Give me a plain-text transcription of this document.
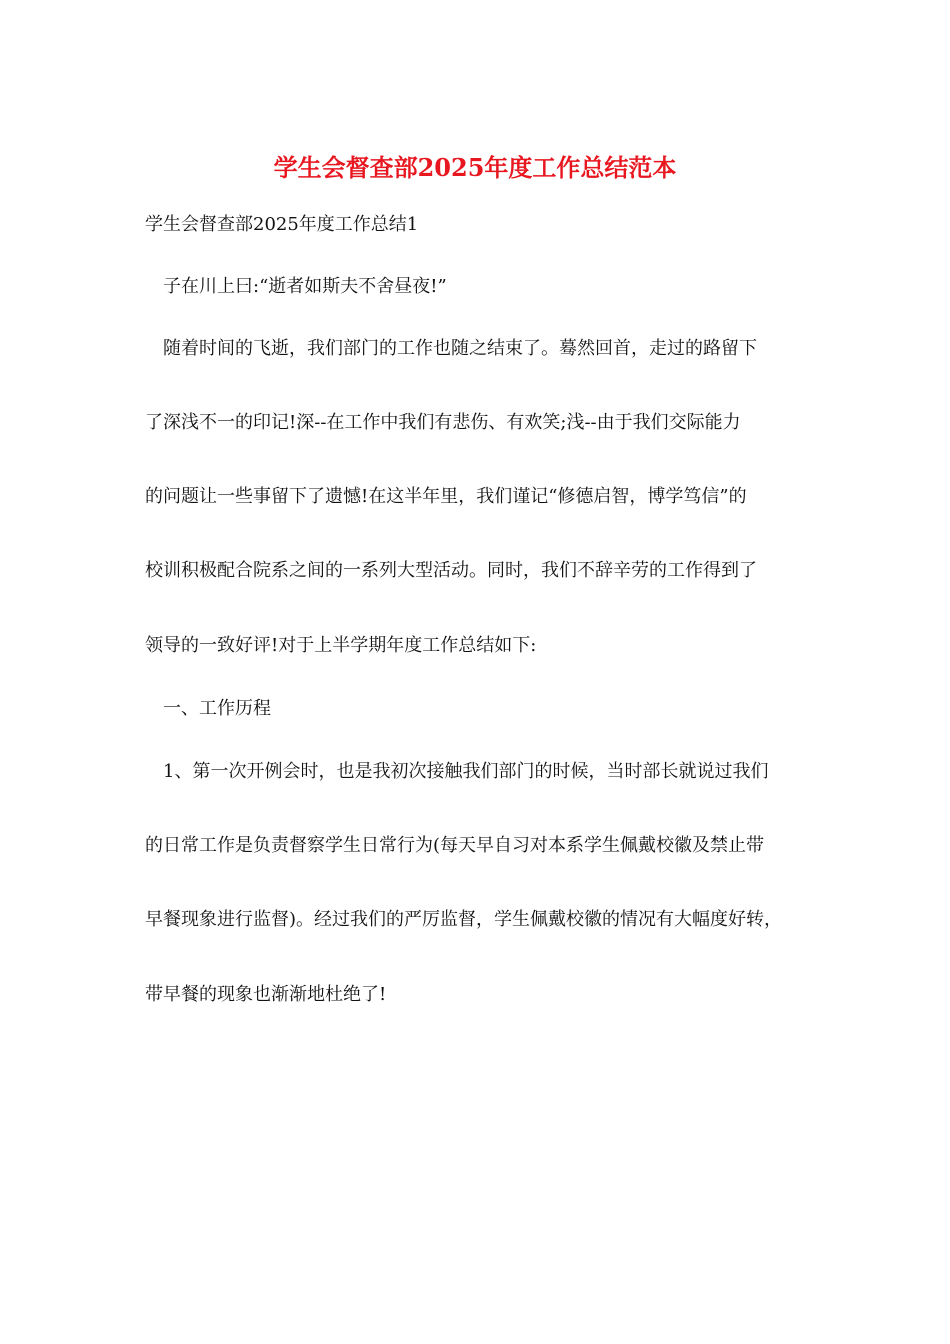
学生会督查部2025年度工作总结范本
学生会督查部2025年度工作总结1
子在川上曰:“逝者如斯夫不舍昼夜!”
随着时间的飞逝，我们部门的工作也随之结束了。蓦然回首，走过的路留下
了深浅不一的印记!深--在工作中我们有悲伤、有欢笑;浅--由于我们交际能力
的问题让一些事留下了遗憾!在这半年里，我们谨记“修德启智，博学笃信”的
校训积极配合院系之间的一系列大型活动。同时，我们不辞辛劳的工作得到了
领导的一致好评!对于上半学期年度工作总结如下:
一、工作历程
1、第一次开例会时，也是我初次接触我们部门的时候，当时部长就说过我们
的日常工作是负责督察学生日常行为(每天早自习对本系学生佩戴校徽及禁止带
早餐现象进行监督)。经过我们的严厉监督，学生佩戴校徽的情况有大幅度好转，
带早餐的现象也渐渐地杜绝了!
